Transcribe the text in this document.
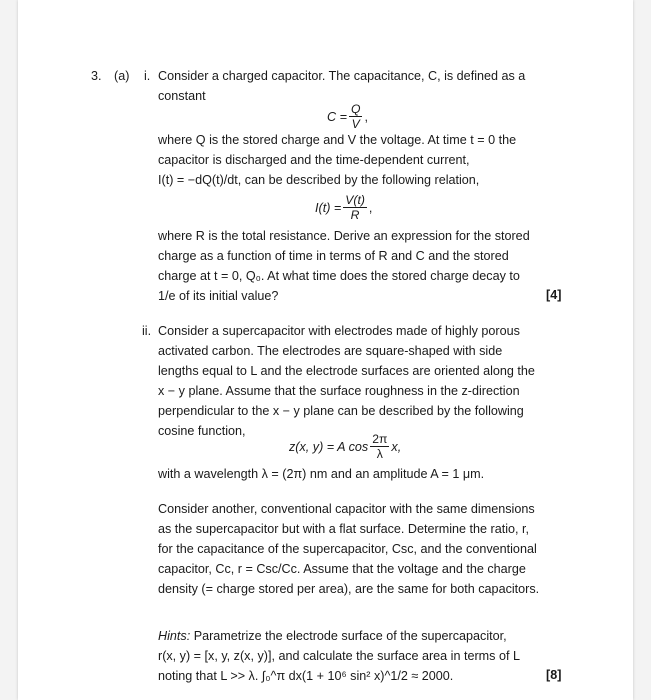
3. (a) i. Consider a charged capacitor. The capacitance, C, is defined as a
constant
$C = \frac{Q}{V}$ ,
where Q is the stored charge and V the voltage. At time t = 0 the
capacitor is discharged and the time-dependent current,
I(t) = −dQ(t)/dt, can be described by the following relation,
$I(t) = \frac{V(t)}{R}$ ,
where R is the total resistance. Derive an expression for the stored
charge as a function of time in terms of R and C and the stored
charge at t = 0, Q₀. At what time does the stored charge decay to
1/e of its initial value?	[4]
ii. Consider a supercapacitor with electrodes made of highly porous
activated carbon. The electrodes are square-shaped with side
lengths equal to L and the electrode surfaces are oriented along the
x − y plane. Assume that the surface roughness in the z-direction
perpendicular to the x − y plane can be described by the following
cosine function,
z(x, y) = A $\cos \frac{2\pi}{\lambda} x$,
with a wavelength λ = (2π) nm and an amplitude A = 1 μm.
Consider another, conventional capacitor with the same dimensions
as the supercapacitor but with a flat surface. Determine the ratio, r,
for the capacitance of the supercapacitor, Csc, and the conventional
capacitor, Cc, r = Csc/Cc. Assume that the voltage and the charge
density (= charge stored per area), are the same for both capacitors.
Hints: Parametrize the electrode surface of the supercapacitor,
r(x, y) = [x, y, z(x, y)], and calculate the surface area in terms of L
noting that L >> λ. ∫₀^π dx(1 + 10⁶ sin² x)^1/2 ≈ 2000.	[8]
